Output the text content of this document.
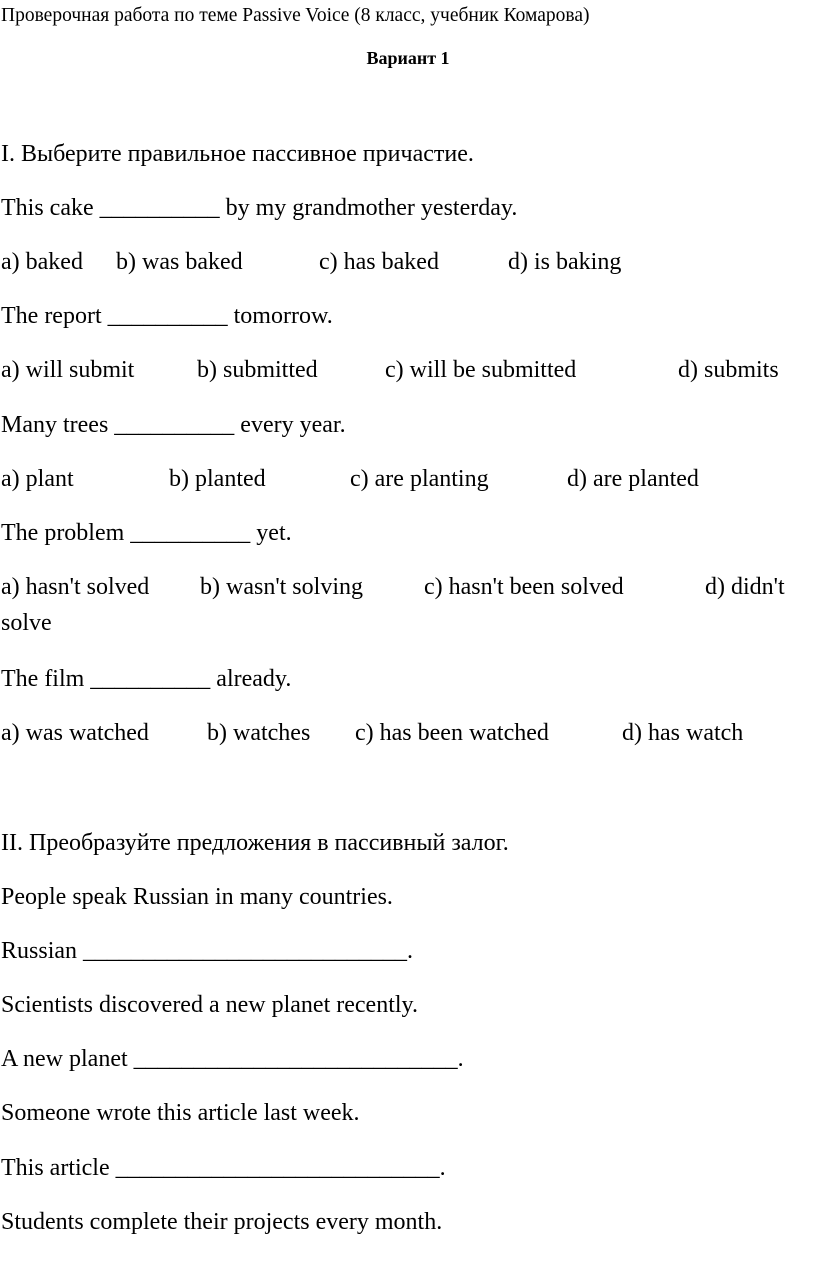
Проверочная работа по теме Passive Voice (8 класс, учебник Комарова)
Вариант 1
I. Выберите правильное пассивное причастие.
This cake __________ by my grandmother yesterday.
a) baked b) was baked	c) has baked	d) is baking
The report __________ tomorrow.
a) will submit	b) submitted	c) will be submitted	d) submits
Many trees __________ every year.
a) plant	b) planted	c) are planting	d) are planted
The problem __________ yet.
a) hasn't solved b) wasn't solving	c) hasn't been solved	d) didn't
solve
The film __________ already.
a) was watched b) watches c) has been watched	d) has watch
II. Преобразуйте предложения в пассивный залог.
People speak Russian in many countries.
Russian ___________________________.
Scientists discovered a new planet recently.
A new planet ___________________________.
Someone wrote this article last week.
This article ___________________________.
Students complete their projects every month.
